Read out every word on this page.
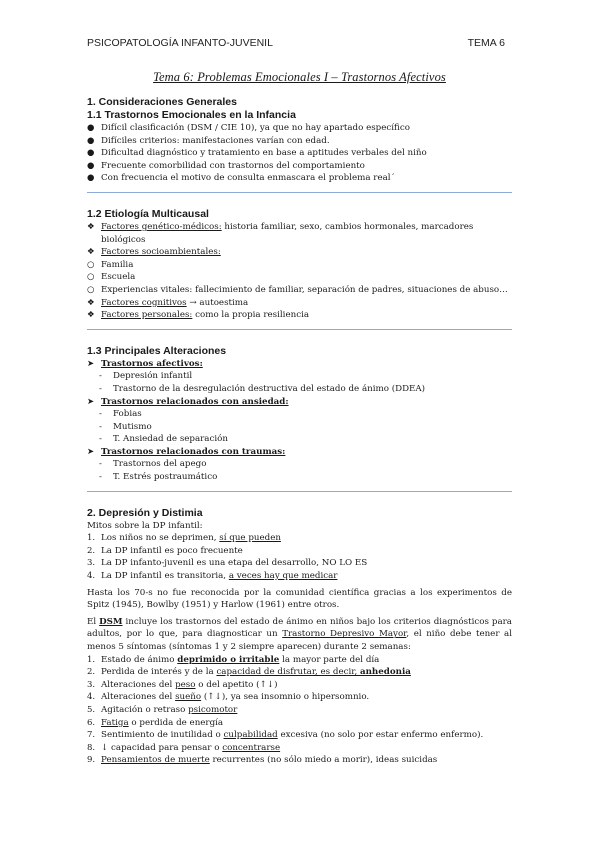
PSICOPATOLOGÍA INFANTO-JUVENIL	TEMA 6
Tema 6: Problemas Emocionales I – Trastornos Afectivos
1. Consideraciones Generales
1.1 Trastornos Emocionales en la Infancia
● Difícil clasificación (DSM / CIE 10), ya que no hay apartado específico
● Difíciles criterios: manifestaciones varían con edad.
● Dificultad diagnóstico y tratamiento en base a aptitudes verbales del niño
● Frecuente comorbilidad con trastornos del comportamiento
● Con frecuencia el motivo de consulta enmascara el problema real´
1.2 Etiología Multicausal
❖ Factores genético-médicos: historia familiar, sexo, cambios hormonales, marcadores biológicos
❖ Factores socioambientales:
○ Familia
○ Escuela
○ Experiencias vitales: fallecimiento de familiar, separación de padres, situaciones de abuso…
❖ Factores cognitivos → autoestima
❖ Factores personales: como la propia resiliencia
1.3 Principales Alteraciones
➤ Trastornos afectivos:
-	Depresión infantil
-	Trastorno de la desregulación destructiva del estado de ánimo (DDEA)
➤ Trastornos relacionados con ansiedad:
-	Fobias
-	Mutismo
-	T. Ansiedad de separación
➤ Trastornos relacionados con traumas:
-	Trastornos del apego
-	T. Estrés postraumático
2. Depresión y Distimia
Mitos sobre la DP infantil:
1. Los niños no se deprimen, sí que pueden
2. La DP infantil es poco frecuente
3. La DP infanto-juvenil es una etapa del desarrollo, NO LO ES
4. La DP infantil es transitoria, a veces hay que medicar

Hasta los 70-s no fue reconocida por la comunidad científica gracias a los experimentos de Spitz (1945), Bowlby (1951) y Harlow (1961) entre otros.

El DSM incluye los trastornos del estado de ánimo en niños bajo los criterios diagnósticos para adultos, por lo que, para diagnosticar un Trastorno Depresivo Mayor, el niño debe tener al menos 5 síntomas (síntomas 1 y 2 siempre aparecen) durante 2 semanas:

1. Estado de ánimo deprimido o irritable la mayor parte del día
2. Perdida de interés y de la capacidad de disfrutar, es decir, anhedonia
3. Alteraciones del peso o del apetito (↑↓)
4. Alteraciones del sueño (↑↓), ya sea insomnio o hipersomnio.
5. Agitación o retraso psicomotor
6. Fatiga o perdida de energía
7. Sentimiento de inutilidad o culpabilidad excesiva (no solo por estar enfermo enfermo).
8. ↓ capacidad para pensar o concentrarse
9. Pensamientos de muerte recurrentes (no sólo miedo a morir), ideas suicidas
